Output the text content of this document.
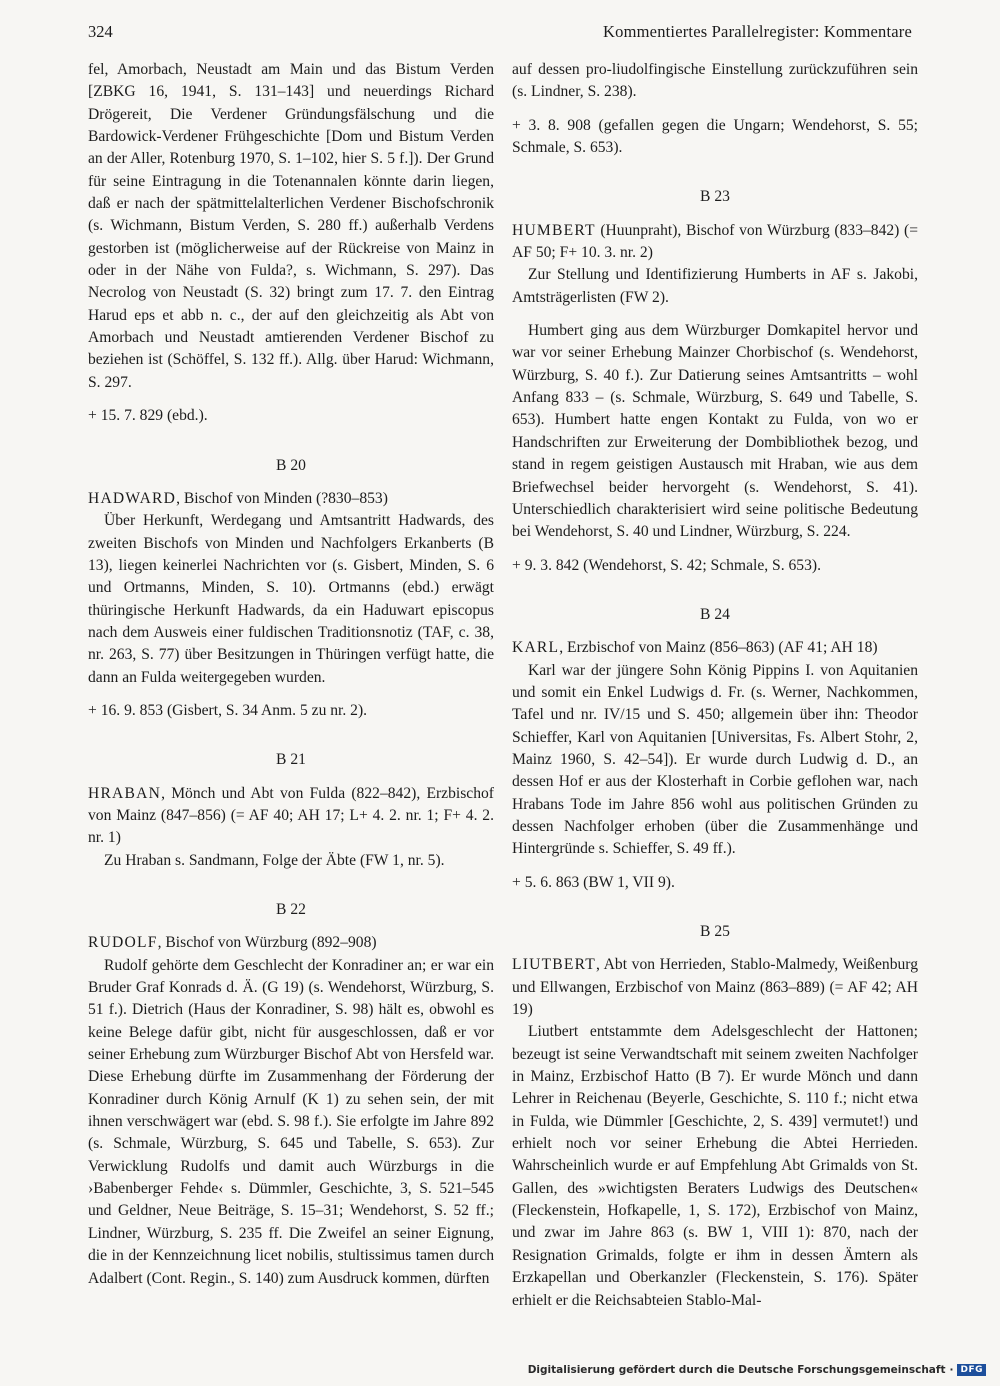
324	Kommentiertes Parallelregister: Kommentare

fel, Amorbach, Neustadt am Main und das Bistum Verden [ZBKG 16, 1941, S. 131–143] und neuerdings Richard Drögereit, Die Verdener Gründungsfälschung und die Bardowick-Verdener Frühgeschichte [Dom und Bistum Verden an der Aller, Rotenburg 1970, S. 1–102, hier S. 5 f.]). Der Grund für seine Eintragung in die Totenannalen könnte darin liegen, daß er nach der spätmittelalterlichen Verdener Bischofschronik (s. Wichmann, Bistum Verden, S. 280 ff.) außerhalb Verdens gestorben ist (möglicherweise auf der Rückreise von Mainz in oder in der Nähe von Fulda?, s. Wichmann, S. 297). Das Necrolog von Neustadt (S. 32) bringt zum 17. 7. den Eintrag Harud eps et abb n. c., der auf den gleichzeitig als Abt von Amorbach und Neustadt amtierenden Verdener Bischof zu beziehen ist (Schöffel, S. 132 ff.). Allg. über Harud: Wichmann, S. 297.

+ 15. 7. 829 (ebd.).

B 20

HADWARD, Bischof von Minden (?830–853)

Über Herkunft, Werdegang und Amtsantritt Hadwards, des zweiten Bischofs von Minden und Nachfolgers Erkanberts (B 13), liegen keinerlei Nachrichten vor (s. Gisbert, Minden, S. 6 und Ortmanns, Minden, S. 10). Ortmanns (ebd.) erwägt thüringische Herkunft Hadwards, da ein Haduwart episcopus nach dem Ausweis einer fuldischen Traditionsnotiz (TAF, c. 38, nr. 263, S. 77) über Besitzungen in Thüringen verfügt hatte, die dann an Fulda weitergegeben wurden.

+ 16. 9. 853 (Gisbert, S. 34 Anm. 5 zu nr. 2).

B 21

HRABAN, Mönch und Abt von Fulda (822–842), Erzbischof von Mainz (847–856) (= AF 40; AH 17; L+ 4. 2. nr. 1; F+ 4. 2. nr. 1)

Zu Hraban s. Sandmann, Folge der Äbte (FW 1, nr. 5).

B 22

RUDOLF, Bischof von Würzburg (892–908)

Rudolf gehörte dem Geschlecht der Konradiner an; er war ein Bruder Graf Konrads d. Ä. (G 19) (s. Wendehorst, Würzburg, S. 51 f.). Dietrich (Haus der Konradiner, S. 98) hält es, obwohl es keine Belege dafür gibt, nicht für ausgeschlossen, daß er vor seiner Erhebung zum Würzburger Bischof Abt von Hersfeld war. Diese Erhebung dürfte im Zusammenhang der Förderung der Konradiner durch König Arnulf (K 1) zu sehen sein, der mit ihnen verschwägert war (ebd. S. 98 f.). Sie erfolgte im Jahre 892 (s. Schmale, Würzburg, S. 645 und Tabelle, S. 653). Zur Verwicklung Rudolfs und damit auch Würzburgs in die ›Babenberger Fehde‹ s. Dümmler, Geschichte, 3, S. 521–545 und Geldner, Neue Beiträge, S. 15–31; Wendehorst, S. 52 ff.; Lindner, Würzburg, S. 235 ff. Die Zweifel an seiner Eignung, die in der Kennzeichnung licet nobilis, stultissimus tamen durch Adalbert (Cont. Regin., S. 140) zum Ausdruck kommen, dürften

auf dessen pro-liudolfingische Einstellung zurückzuführen sein (s. Lindner, S. 238).

+ 3. 8. 908 (gefallen gegen die Ungarn; Wendehorst, S. 55; Schmale, S. 653).

B 23

HUMBERT (Huunpraht), Bischof von Würzburg (833–842) (= AF 50; F+ 10. 3. nr. 2)

Zur Stellung und Identifizierung Humberts in AF s. Jakobi, Amtsträgerlisten (FW 2).

Humbert ging aus dem Würzburger Domkapitel hervor und war vor seiner Erhebung Mainzer Chorbischof (s. Wendehorst, Würzburg, S. 40 f.). Zur Datierung seines Amtsantritts – wohl Anfang 833 – (s. Schmale, Würzburg, S. 649 und Tabelle, S. 653). Humbert hatte engen Kontakt zu Fulda, von wo er Handschriften zur Erweiterung der Dombibliothek bezog, und stand in regem geistigen Austausch mit Hraban, wie aus dem Briefwechsel beider hervorgeht (s. Wendehorst, S. 41). Unterschiedlich charakterisiert wird seine politische Bedeutung bei Wendehorst, S. 40 und Lindner, Würzburg, S. 224.

+ 9. 3. 842 (Wendehorst, S. 42; Schmale, S. 653).

B 24

KARL, Erzbischof von Mainz (856–863) (AF 41; AH 18)

Karl war der jüngere Sohn König Pippins I. von Aquitanien und somit ein Enkel Ludwigs d. Fr. (s. Werner, Nachkommen, Tafel und nr. IV/15 und S. 450; allgemein über ihn: Theodor Schieffer, Karl von Aquitanien [Universitas, Fs. Albert Stohr, 2, Mainz 1960, S. 42–54]). Er wurde durch Ludwig d. D., an dessen Hof er aus der Klosterhaft in Corbie geflohen war, nach Hrabans Tode im Jahre 856 wohl aus politischen Gründen zu dessen Nachfolger erhoben (über die Zusammenhänge und Hintergründe s. Schieffer, S. 49 ff.).

+ 5. 6. 863 (BW 1, VII 9).

B 25

LIUTBERT, Abt von Herrieden, Stablo-Malmedy, Weißenburg und Ellwangen, Erzbischof von Mainz (863–889) (= AF 42; AH 19)

Liutbert entstammte dem Adelsgeschlecht der Hattonen; bezeugt ist seine Verwandtschaft mit seinem zweiten Nachfolger in Mainz, Erzbischof Hatto (B 7). Er wurde Mönch und dann Lehrer in Reichenau (Beyerle, Geschichte, S. 110 f.; nicht etwa in Fulda, wie Dümmler [Geschichte, 2, S. 439] vermutet!) und erhielt noch vor seiner Erhebung die Abtei Herrieden. Wahrscheinlich wurde er auf Empfehlung Abt Grimalds von St. Gallen, des »wichtigsten Beraters Ludwigs des Deutschen« (Fleckenstein, Hofkapelle, 1, S. 172), Erzbischof von Mainz, und zwar im Jahre 863 (s. BW 1, VIII 1): 870, nach der Resignation Grimalds, folgte er ihm in dessen Ämtern als Erzkapellan und Oberkanzler (Fleckenstein, S. 176). Später erhielt er die Reichsabteien Stablo-Mal-

Digitalisierung gefördert durch die Deutsche Forschungsgemeinschaft · DFG
